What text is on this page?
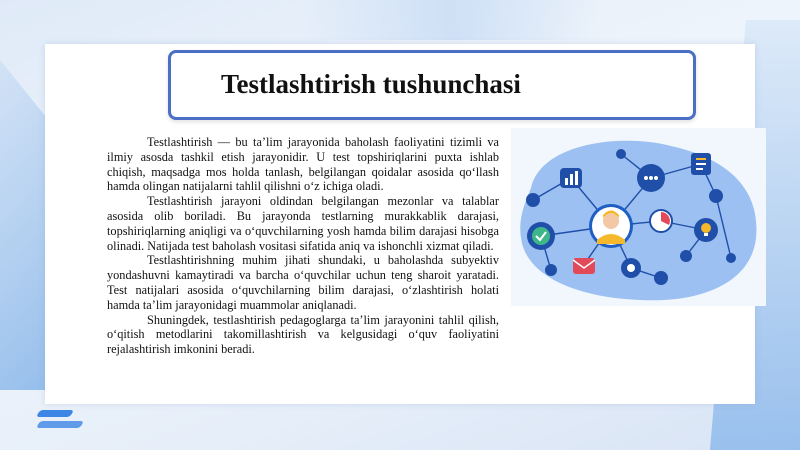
Testlashtirish tushunchasi

Testlashtirish — bu ta’lim jarayonida baholash faoliyatini tizimli va ilmiy asosda tashkil etish jarayonidir. U test topshiriqlarini puxta ishlab chiqish, maqsadga mos holda tanlash, belgilangan qoidalar asosida qo‘llash hamda olingan natijalarni tahlil qilishni o‘z ichiga oladi.

Testlashtirish jarayoni oldindan belgilangan mezonlar va talablar asosida olib boriladi. Bu jarayonda testlarning murakkablik darajasi, topshiriqlarning aniqligi va o‘quvchilarning yosh hamda bilim darajasi hisobga olinadi. Natijada test baholash vositasi sifatida aniq va ishonchli xizmat qiladi.

Testlashtirishning muhim jihati shundaki, u baholashda subyektiv yondashuvni kamaytiradi va barcha o‘quvchilar uchun teng sharoit yaratadi. Test natijalari asosida o‘quvchilarning bilim darajasi, o‘zlashtirish holati hamda ta’lim jarayonidagi muammolar aniqlanadi.

Shuningdek, testlashtirish pedagoglarga ta’lim jarayonini tahlil qilish, o‘qitish metodlarini takomillashtirish va kelgusidagi o‘quv faoliyatini rejalashtirish imkonini beradi.
